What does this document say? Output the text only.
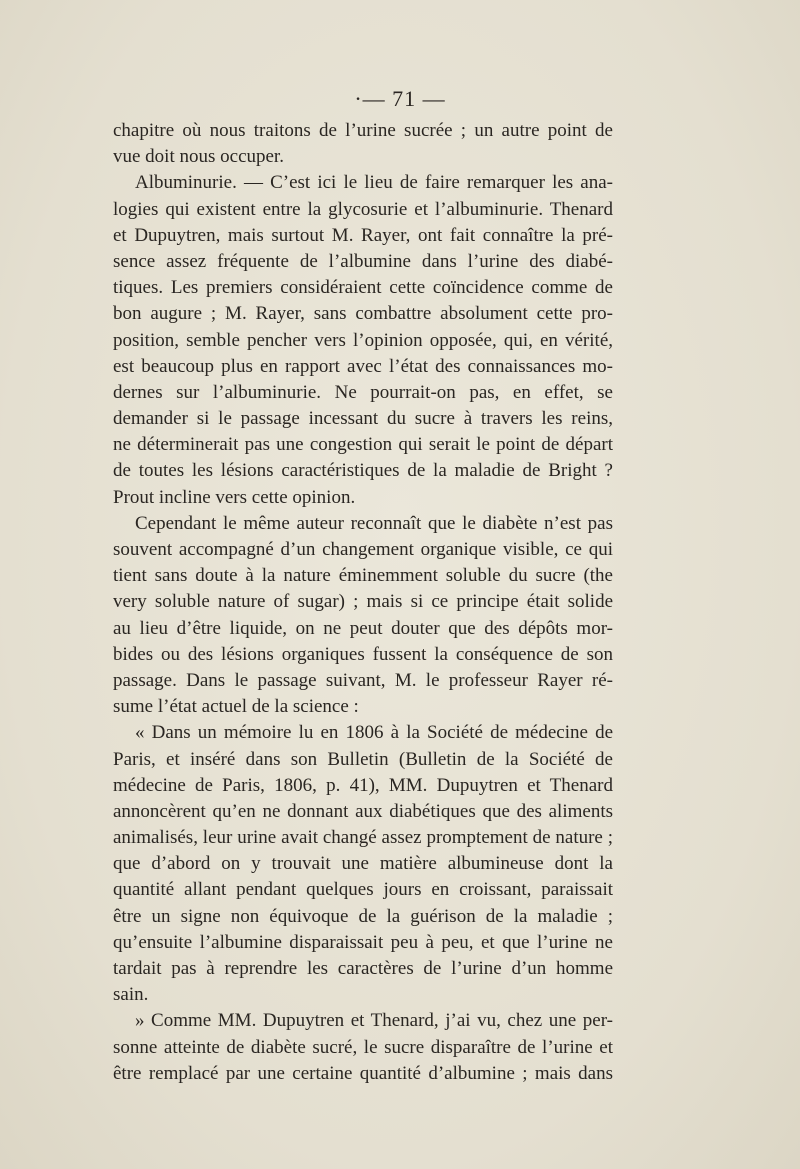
·— 71 —
chapitre où nous traitons de l’urine sucrée ; un autre point de
vue doit nous occuper.
Albuminurie. — C’est ici le lieu de faire remarquer les ana-
logies qui existent entre la glycosurie et l’albuminurie. Thenard
et Dupuytren, mais surtout M. Rayer, ont fait connaître la pré-
sence assez fréquente de l’albumine dans l’urine des diabé-
tiques. Les premiers considéraient cette coïncidence comme de
bon augure ; M. Rayer, sans combattre absolument cette pro-
position, semble pencher vers l’opinion opposée, qui, en vérité,
est beaucoup plus en rapport avec l’état des connaissances mo-
dernes sur l’albuminurie. Ne pourrait-on pas, en effet, se
demander si le passage incessant du sucre à travers les reins,
ne déterminerait pas une congestion qui serait le point de départ
de toutes les lésions caractéristiques de la maladie de Bright ?
Prout incline vers cette opinion.
Cependant le même auteur reconnaît que le diabète n’est pas
souvent accompagné d’un changement organique visible, ce qui
tient sans doute à la nature éminemment soluble du sucre (the
very soluble nature of sugar) ; mais si ce principe était solide
au lieu d’être liquide, on ne peut douter que des dépôts mor-
bides ou des lésions organiques fussent la conséquence de son
passage. Dans le passage suivant, M. le professeur Rayer ré-
sume l’état actuel de la science :
« Dans un mémoire lu en 1806 à la Société de médecine de
Paris, et inséré dans son Bulletin (Bulletin de la Société de
médecine de Paris, 1806, p. 41), MM. Dupuytren et Thenard
annoncèrent qu’en ne donnant aux diabétiques que des aliments
animalisés, leur urine avait changé assez promptement de nature ;
que d’abord on y trouvait une matière albumineuse dont la
quantité allant pendant quelques jours en croissant, paraissait
être un signe non équivoque de la guérison de la maladie ;
qu’ensuite l’albumine disparaissait peu à peu, et que l’urine ne
tardait pas à reprendre les caractères de l’urine d’un homme
sain.
» Comme MM. Dupuytren et Thenard, j’ai vu, chez une per-
sonne atteinte de diabète sucré, le sucre disparaître de l’urine et
être remplacé par une certaine quantité d’albumine ; mais dans
